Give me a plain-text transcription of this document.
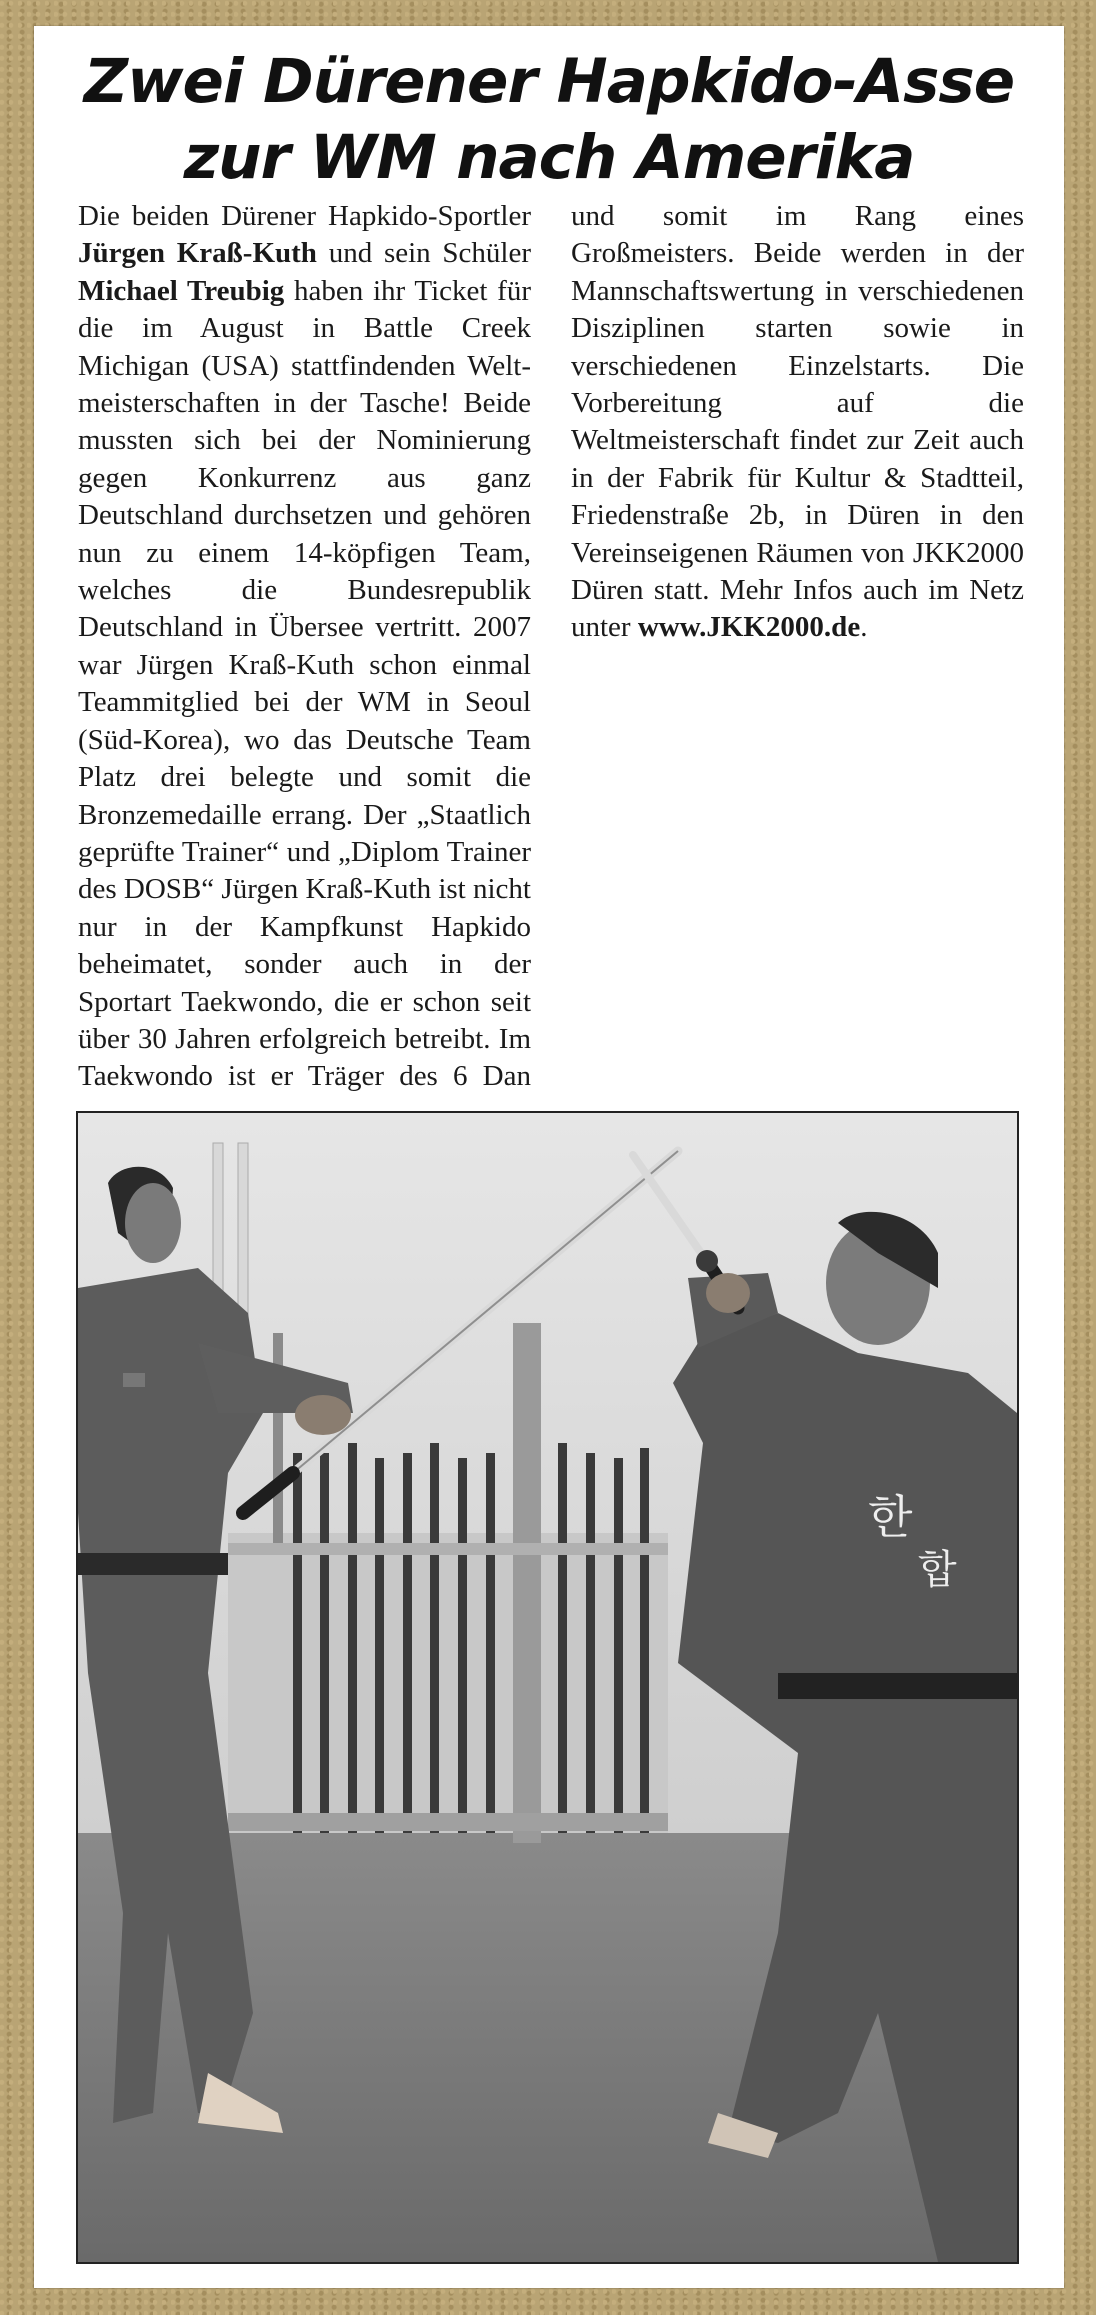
Zwei Dürener Hapkido-Asse
zur WM nach Amerika

Die beiden Dürener Hapkido-Sportler Jürgen Kraß-Kuth und sein Schüler Michael Treubig haben ihr Ticket für die im August in Battle Creek Michigan (USA) stattfindenden Weltmeisterschaften in der Tasche! Beide mussten sich bei der Nominierung gegen Konkurrenz aus ganz Deutschland durchsetzen und gehören nun zu einem 14-köpfigen Team, welches die Bundesrepublik Deutschland in Übersee vertritt. 2007 war Jürgen Kraß-Kuth schon einmal Teammitglied bei der WM in Seoul (Süd-Korea), wo das Deutsche Team Platz drei belegte und somit die Bronzemedaille errang. Der „Staatlich geprüfte Trainer“ und „Diplom Trainer des DOSB“ Jürgen Kraß-Kuth ist nicht nur in der Kampfkunst Hapkido beheimatet, sonder auch in der Sportart Taekwondo, die er schon seit über 30 Jahren erfolgreich betreibt. Im Taekwondo ist er Träger des 6 Dan und somit im Rang eines Großmeisters. Beide werden in der Mannschaftswertung in verschiedenen Disziplinen starten sowie in verschiedenen Einzelstarts. Die Vorbereitung auf die Weltmeisterschaft findet zur Zeit auch in der Fabrik für Kultur & Stadtteil, Friedenstraße 2b, in Düren in den Vereinseigenen Räumen von JKK2000 Düren statt. Mehr Infos auch im Netz unter www.JKK2000.de.

한
합
